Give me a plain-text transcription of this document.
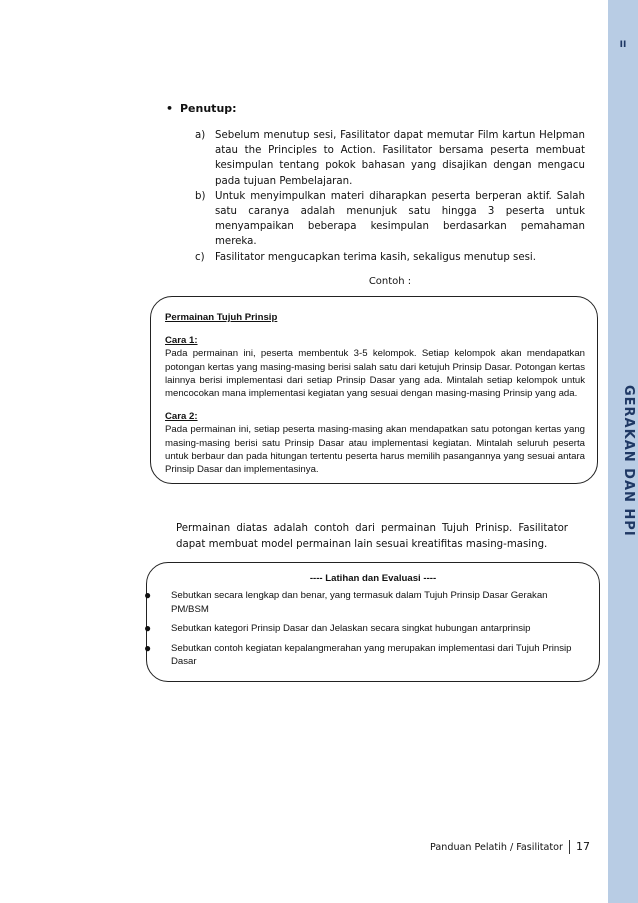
II
GERAKAN DAN HPI
• Penutup:
a) Sebelum menutup sesi, Fasilitator dapat memutar Film kartun Helpman atau the Principles to Action. Fasilitator bersama peserta membuat kesimpulan tentang pokok bahasan yang disajikan dengan mengacu pada tujuan Pembelajaran.
b) Untuk menyimpulkan materi diharapkan peserta berperan aktif. Salah satu caranya adalah menunjuk satu hingga 3 peserta untuk menyampaikan beberapa kesimpulan berdasarkan pemahaman mereka.
c) Fasilitator mengucapkan terima kasih, sekaligus menutup sesi.
Contoh :

Permainan Tujuh Prinsip

Cara 1:

Pada permainan ini, peserta membentuk 3-5 kelompok. Setiap kelompok akan mendapatkan potongan kertas yang masing-masing berisi salah satu dari ketujuh Prinsip Dasar. Potongan kertas lainnya berisi implementasi dari setiap Prinsip Dasar yang ada. Mintalah setiap kelompok untuk mencocokan mana implementasi kegiatan yang sesuai dengan masing-masing Prinsip yang ada.

Cara 2:

Pada permainan ini, setiap peserta masing-masing akan mendapatkan satu potongan kertas yang masing-masing berisi satu Prinsip Dasar atau implementasi kegiatan. Mintalah seluruh peserta untuk berbaur dan pada hitungan tertentu peserta harus memilih pasangannya yang sesuai antara Prinsip Dasar dan implementasinya.

Permainan diatas adalah contoh dari permainan Tujuh Prinisp. Fasilitator dapat membuat model permainan lain sesuai kreatifitas masing-masing.
---- Latihan dan Evaluasi ----
● Sebutkan secara lengkap dan benar, yang termasuk dalam Tujuh Prinsip Dasar Gerakan PM/BSM
● Sebutkan kategori Prinsip Dasar dan Jelaskan secara singkat hubungan antarprinsip
● Sebutkan contoh kegiatan kepalangmerahan yang merupakan implementasi dari Tujuh Prinsip Dasar
Panduan Pelatih / Fasilitator 17
